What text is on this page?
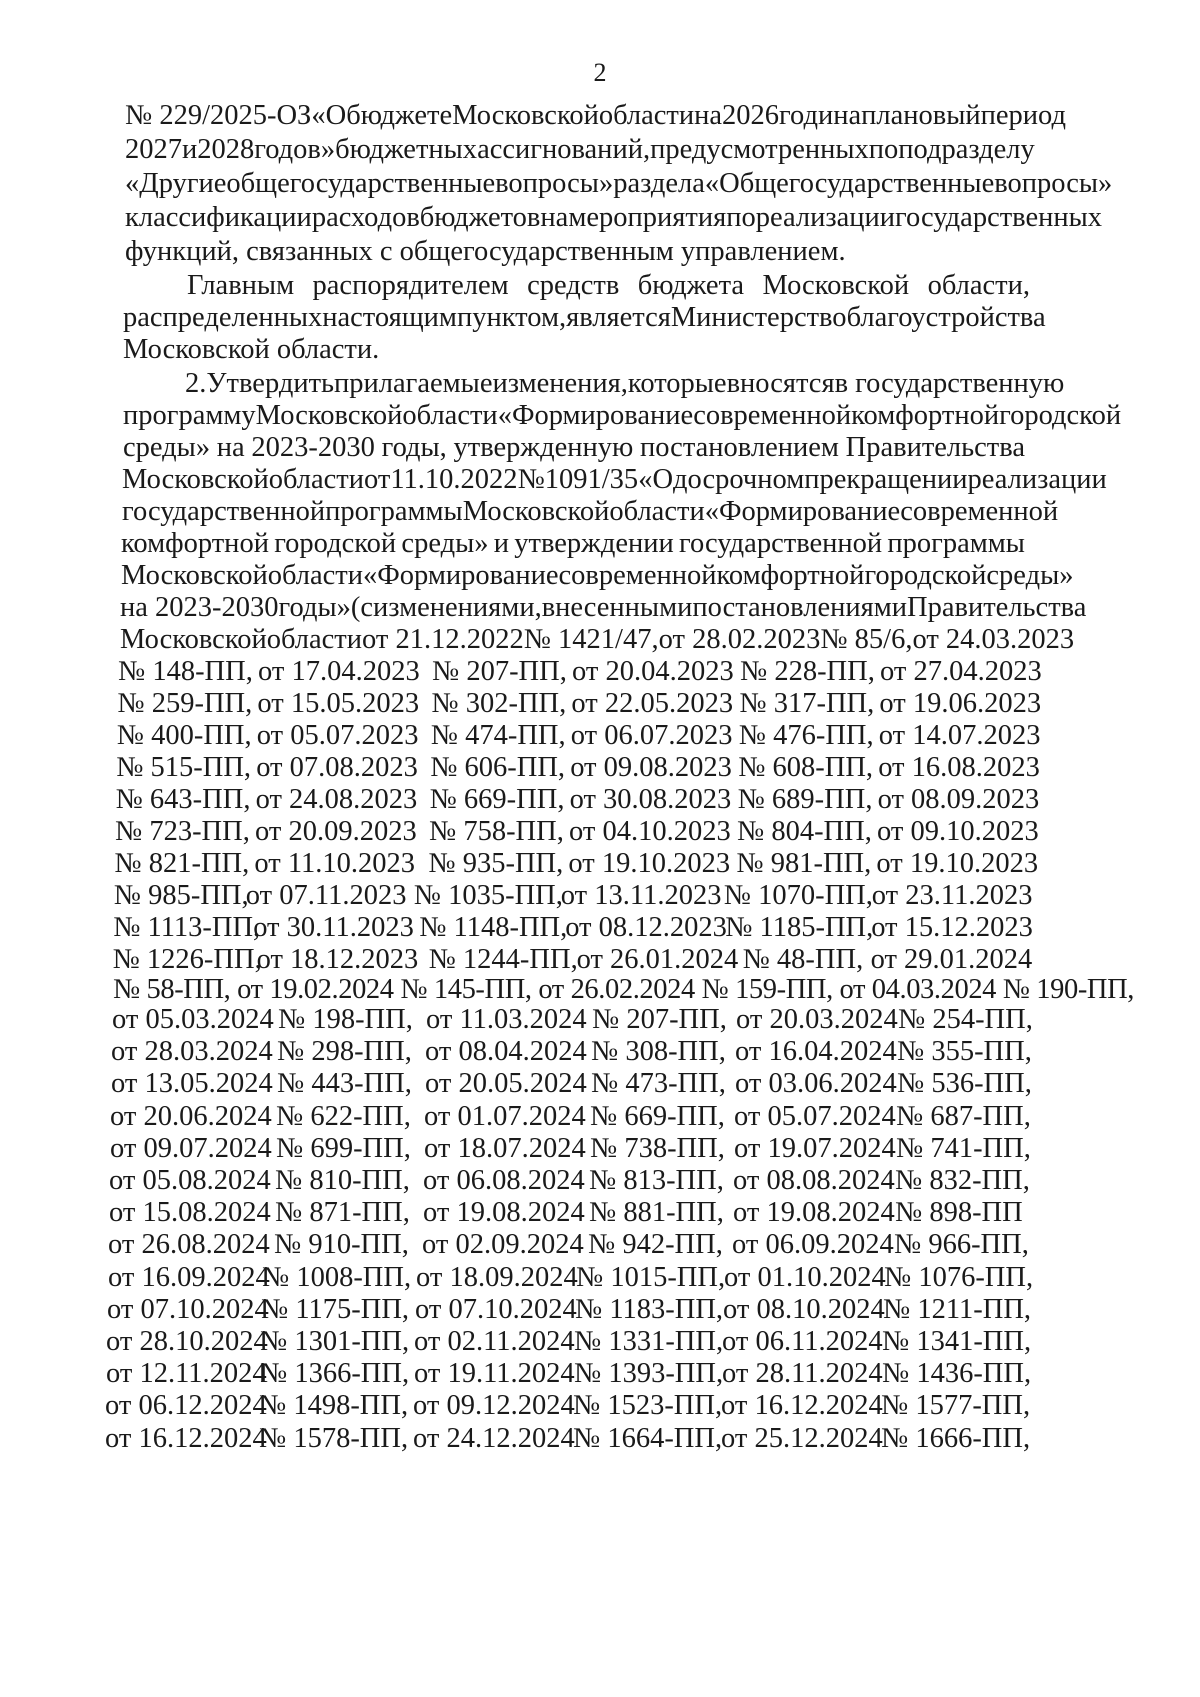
2
№ 229/2025-ОЗ «О бюджете Московской области на 2026 год и на плановый период
2027 и 2028 годов» бюджетных ассигнований, предусмотренных по подразделу
«Другие общегосударственные вопросы» раздела «Общегосударственные вопросы»
классификации расходов бюджетов на мероприятия по реализации государственных
функций, связанных с общегосударственным управлением.
Главным распорядителем средств бюджета Московской области,
распределенных настоящим пунктом, является Министерство благоустройства
Московской области.
2. Утвердить прилагаемые изменения, которые вносятся в государственную
программу Московской области «Формирование современной комфортной городской
среды» на 2023-2030 годы, утвержденную постановлением Правительства
Московской области от 11.10.2022 № 1091/35 «О досрочном прекращении реализации
государственной программы Московской области «Формирование современной
комфортной городской среды» и утверждении государственной программы
Московской области «Формирование современной комфортной городской среды»
на 2023-2030 годы» (с изменениями, внесенными постановлениями Правительства
Московской области от 21.12.2022 № 1421/47, от 28.02.2023 № 85/6, от 24.03.2023
№ 148-ПП, от 17.04.2023 № 207-ПП, от 20.04.2023 № 228-ПП, от 27.04.2023
№ 259-ПП, от 15.05.2023 № 302-ПП, от 22.05.2023 № 317-ПП, от 19.06.2023
№ 400-ПП, от 05.07.2023 № 474-ПП, от 06.07.2023 № 476-ПП, от 14.07.2023
№ 515-ПП, от 07.08.2023 № 606-ПП, от 09.08.2023 № 608-ПП, от 16.08.2023
№ 643-ПП, от 24.08.2023 № 669-ПП, от 30.08.2023 № 689-ПП, от 08.09.2023
№ 723-ПП, от 20.09.2023 № 758-ПП, от 04.10.2023 № 804-ПП, от 09.10.2023
№ 821-ПП, от 11.10.2023 № 935-ПП, от 19.10.2023 № 981-ПП, от 19.10.2023
№ 985-ПП,
от 07.11.2023 № 1035-ПП,
от 13.11.2023 № 1070-ПП,
от 23.11.2023
№ 1113-ПП,
от 30.11.2023 № 1148-ПП,
от 08.12.2023
№ 1185-ПП,
от 15.12.2023
№ 1226-ПП,
от 18.12.2023 № 1244-ПП,
от 26.01.2024 № 48-ПП, от 29.01.2024
№ 58-ПП, от 19.02.2024 № 145-ПП, от 26.02.2024 № 159-ПП, от 04.03.2024 № 190-ПП,
от 05.03.2024 № 198-ПП, от 11.03.2024 № 207-ПП, от 20.03.2024 № 254-ПП,
от 28.03.2024 № 298-ПП, от 08.04.2024 № 308-ПП, от 16.04.2024 № 355-ПП,
от 13.05.2024 № 443-ПП, от 20.05.2024 № 473-ПП, от 03.06.2024 № 536-ПП,
от 20.06.2024 № 622-ПП, от 01.07.2024 № 669-ПП, от 05.07.2024 № 687-ПП,
от 09.07.2024 № 699-ПП, от 18.07.2024 № 738-ПП, от 19.07.2024 № 741-ПП,
от 05.08.2024 № 810-ПП, от 06.08.2024 № 813-ПП, от 08.08.2024 № 832-ПП,
от 15.08.2024 № 871-ПП, от 19.08.2024 № 881-ПП, от 19.08.2024 № 898-ПП
от 26.08.2024 № 910-ПП, от 02.09.2024 № 942-ПП, от 06.09.2024 № 966-ПП,
от 16.09.2024
№ 1008-ПП, от 18.09.2024
№ 1015-ПП,
от 01.10.2024
№ 1076-ПП,
от 07.10.2024
№ 1175-ПП, от 07.10.2024
№ 1183-ПП, от 08.10.2024
№ 1211-ПП,
от 28.10.2024
№ 1301-ПП, от 02.11.2024 № 1331-ПП,
от 06.11.2024 № 1341-ПП,
от 12.11.2024
№ 1366-ПП, от 19.11.2024 № 1393-ПП,
от 28.11.2024 № 1436-ПП,
от 06.12.2024
№ 1498-ПП, от 09.12.2024
№ 1523-ПП,
от 16.12.2024
№ 1577-ПП,
от 16.12.2024
№ 1578-ПП, от 24.12.2024
№ 1664-ПП,
от 25.12.2024
№ 1666-ПП,
